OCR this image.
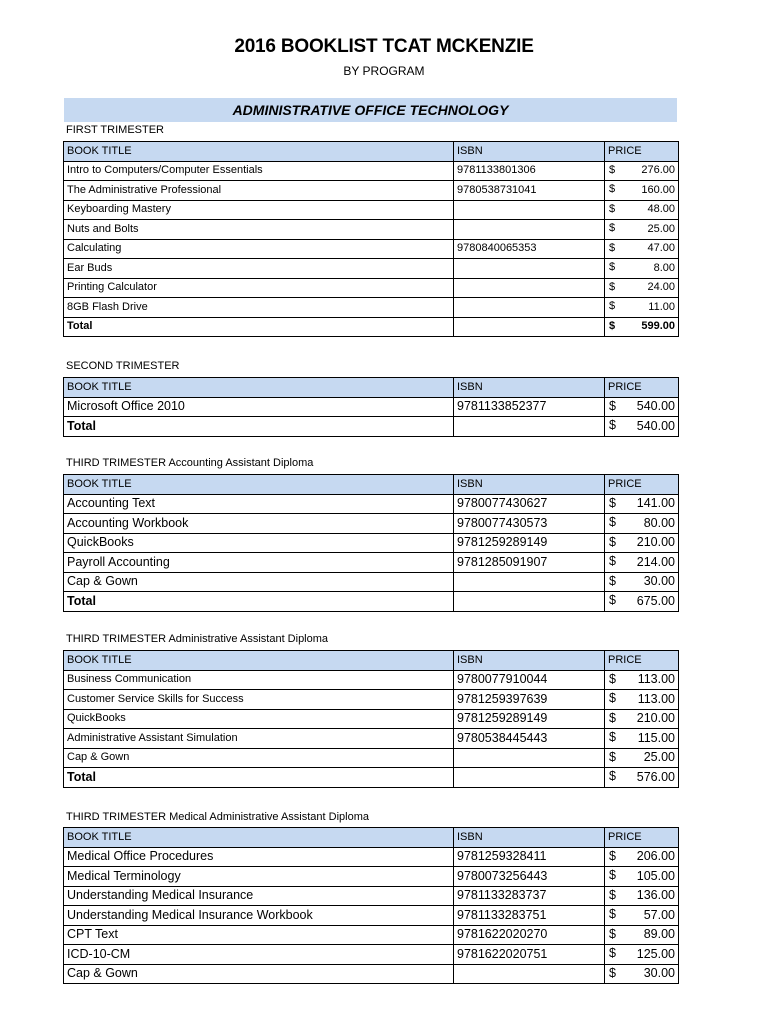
2016 BOOKLIST TCAT MCKENZIE
BY PROGRAM
ADMINISTRATIVE OFFICE TECHNOLOGY
FIRST TRIMESTER
BOOK TITLE	ISBN	PRICE
Intro to Computers/Computer Essentials	9781133801306	$ 276.00
The Administrative Professional	9780538731041	$ 160.00
Keyboarding Mastery		$ 48.00
Nuts and Bolts		$ 25.00
Calculating	9780840065353	$ 47.00
Ear Buds		$ 8.00
Printing Calculator		$ 24.00
8GB Flash Drive		$ 11.00
Total		$ 599.00
SECOND TRIMESTER
BOOK TITLE	ISBN	PRICE
Microsoft Office 2010	9781133852377	$ 540.00
Total		$ 540.00
THIRD TRIMESTER Accounting Assistant Diploma
BOOK TITLE	ISBN	PRICE
Accounting Text	9780077430627	$ 141.00
Accounting Workbook	9780077430573	$ 80.00
QuickBooks	9781259289149	$ 210.00
Payroll Accounting	9781285091907	$ 214.00
Cap & Gown		$ 30.00
Total		$ 675.00
THIRD TRIMESTER Administrative Assistant Diploma
BOOK TITLE	ISBN	PRICE
Business Communication	9780077910044	$ 113.00
Customer Service Skills for Success	9781259397639	$ 113.00
QuickBooks	9781259289149	$ 210.00
Administrative Assistant Simulation	9780538445443	$ 115.00
Cap & Gown		$ 25.00
Total		$ 576.00
THIRD TRIMESTER Medical Administrative Assistant Diploma
BOOK TITLE	ISBN	PRICE
Medical Office Procedures	9781259328411	$ 206.00
Medical Terminology	9780073256443	$ 105.00
Understanding Medical Insurance	9781133283737	$ 136.00
Understanding Medical Insurance Workbook	9781133283751	$ 57.00
CPT Text	9781622020270	$ 89.00
ICD-10-CM	9781622020751	$ 125.00
Cap & Gown		$ 30.00
